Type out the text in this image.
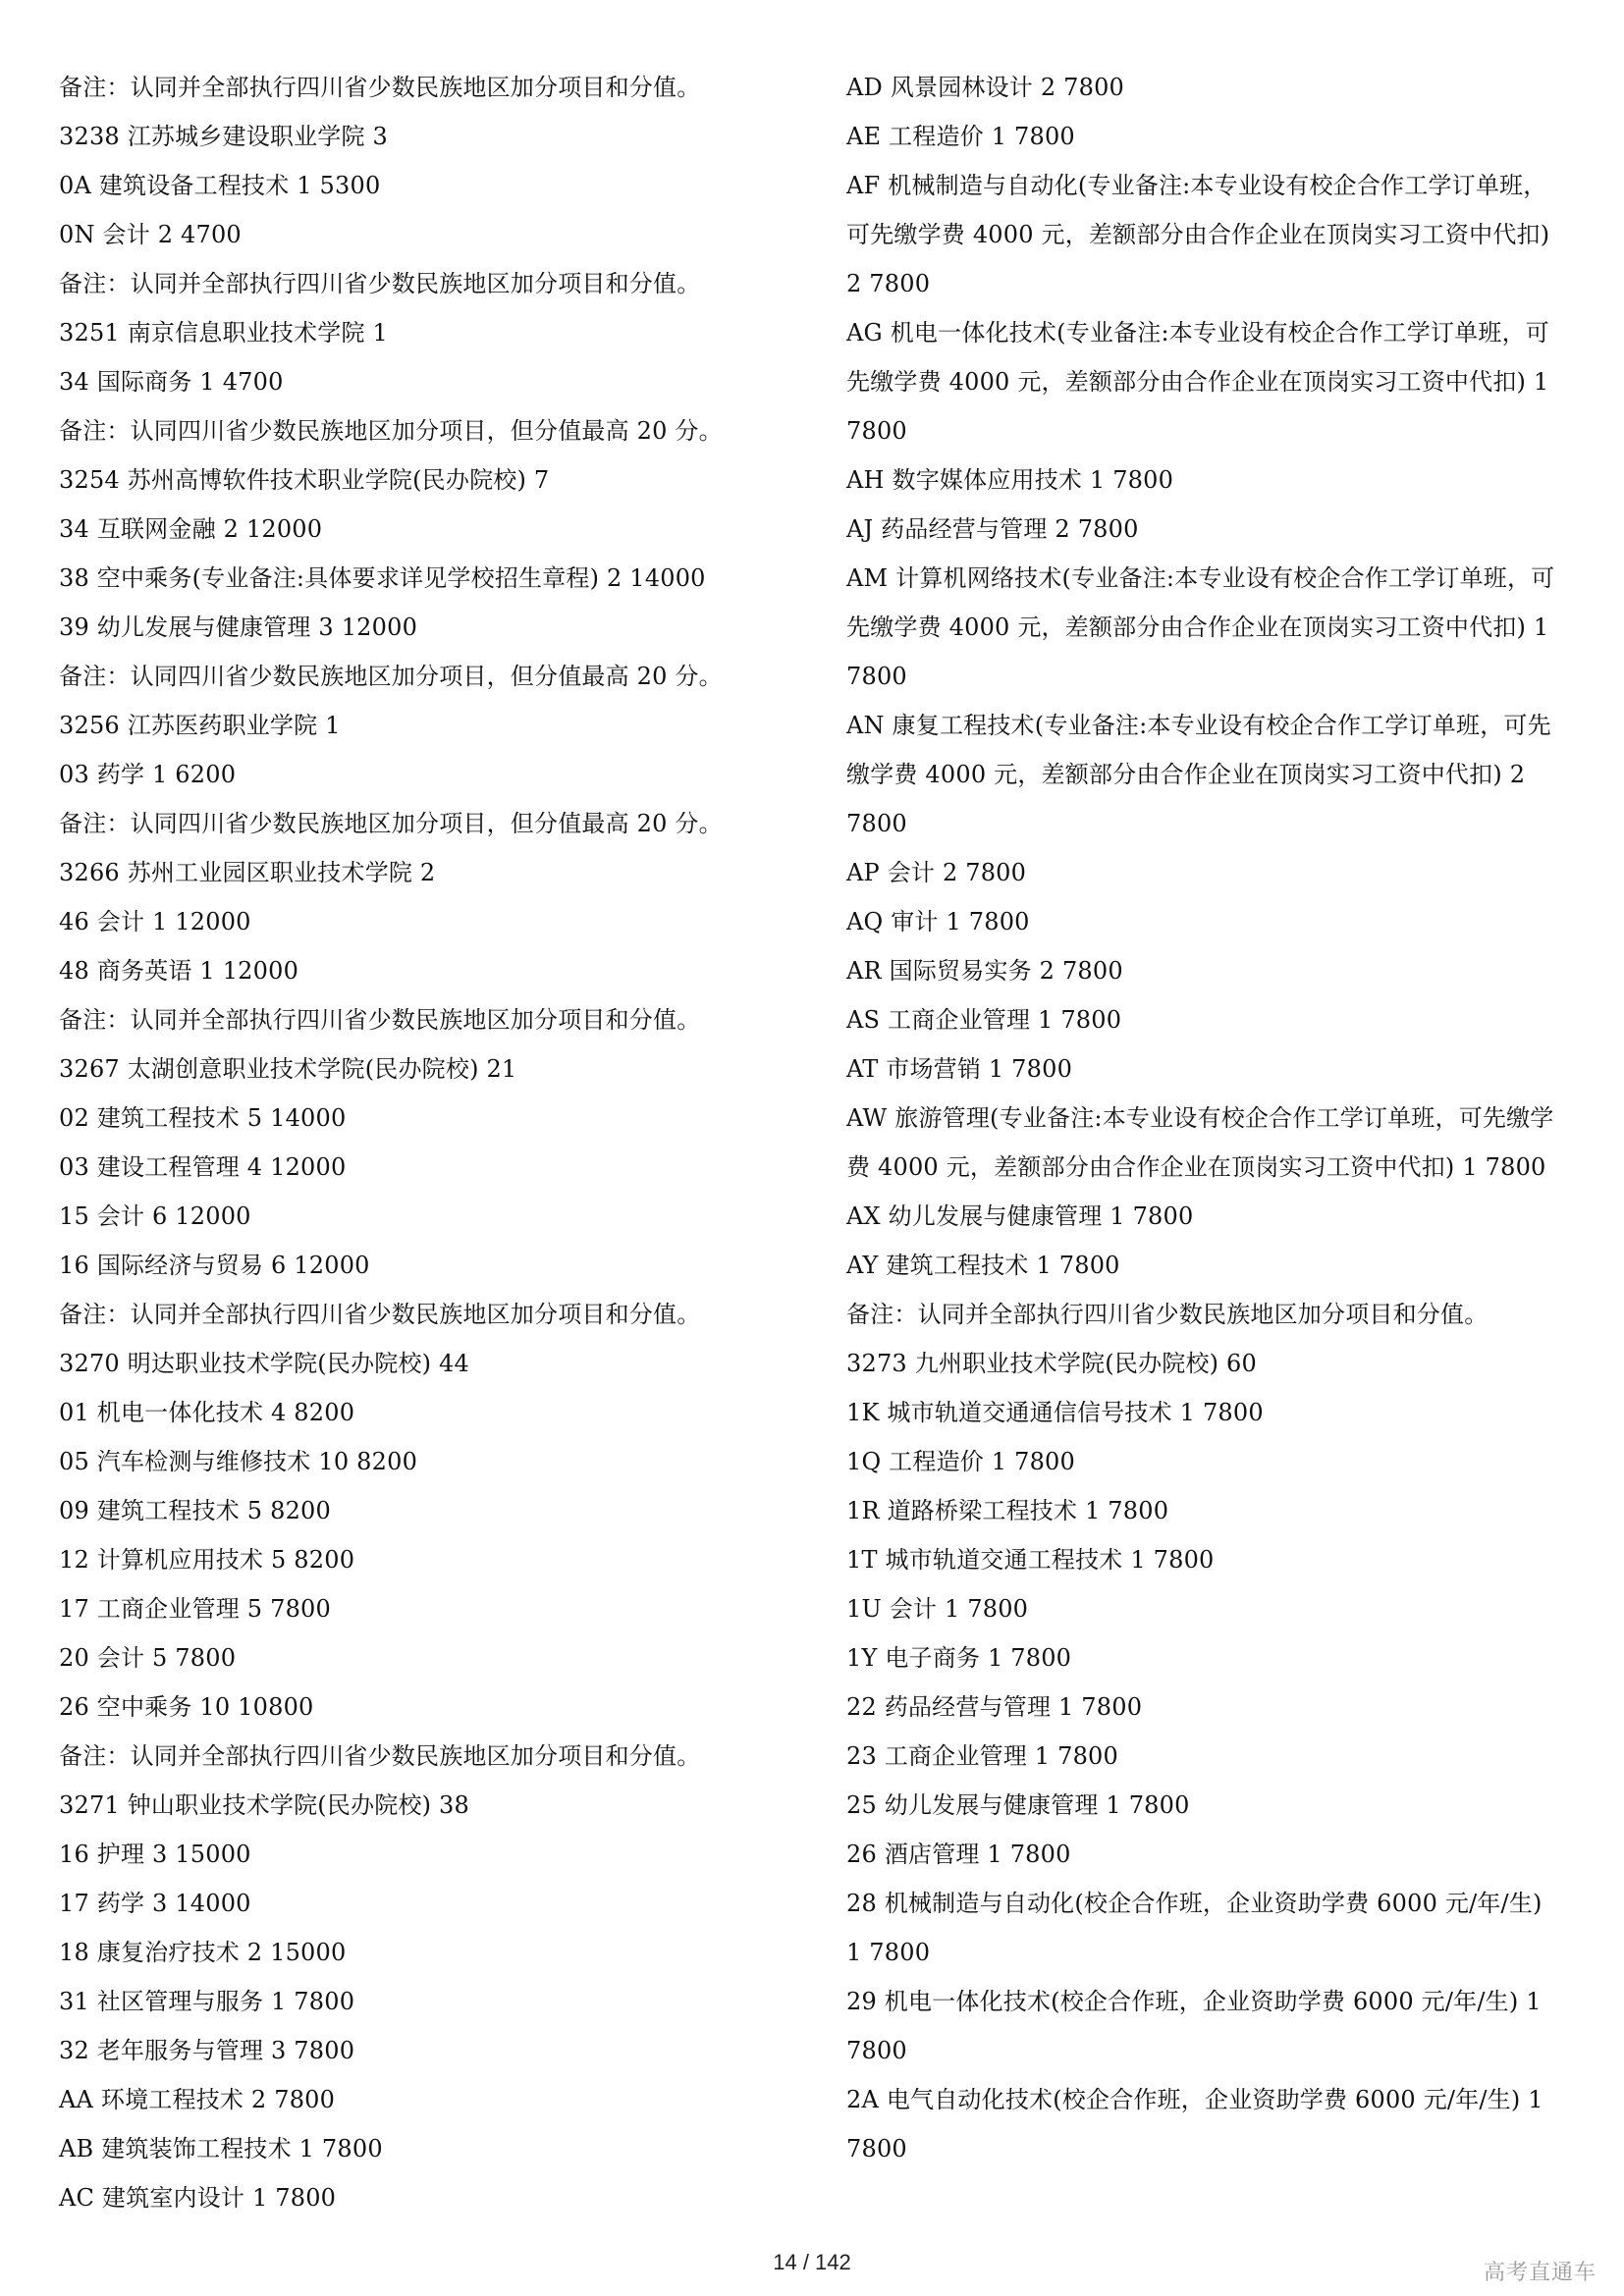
备注：认同并全部执行四川省少数民族地区加分项目和分值。
3238 江苏城乡建设职业学院 3
0A 建筑设备工程技术 1 5300
0N 会计 2 4700
备注：认同并全部执行四川省少数民族地区加分项目和分值。
3251 南京信息职业技术学院 1
34 国际商务 1 4700
备注：认同四川省少数民族地区加分项目，但分值最高 20 分。
3254 苏州高博软件技术职业学院(民办院校) 7
34 互联网金融 2 12000
38 空中乘务(专业备注:具体要求详见学校招生章程) 2 14000
39 幼儿发展与健康管理 3 12000
备注：认同四川省少数民族地区加分项目，但分值最高 20 分。
3256 江苏医药职业学院 1
03 药学 1 6200
备注：认同四川省少数民族地区加分项目，但分值最高 20 分。
3266 苏州工业园区职业技术学院 2
46 会计 1 12000
48 商务英语 1 12000
备注：认同并全部执行四川省少数民族地区加分项目和分值。
3267 太湖创意职业技术学院(民办院校) 21
02 建筑工程技术 5 14000
03 建设工程管理 4 12000
15 会计 6 12000
16 国际经济与贸易 6 12000
备注：认同并全部执行四川省少数民族地区加分项目和分值。
3270 明达职业技术学院(民办院校) 44
01 机电一体化技术 4 8200
05 汽车检测与维修技术 10 8200
09 建筑工程技术 5 8200
12 计算机应用技术 5 8200
17 工商企业管理 5 7800
20 会计 5 7800
26 空中乘务 10 10800
备注：认同并全部执行四川省少数民族地区加分项目和分值。
3271 钟山职业技术学院(民办院校) 38
16 护理 3 15000
17 药学 3 14000
18 康复治疗技术 2 15000
31 社区管理与服务 1 7800
32 老年服务与管理 3 7800
AA 环境工程技术 2 7800
AB 建筑装饰工程技术 1 7800
AC 建筑室内设计 1 7800
AD 风景园林设计 2 7800
AE 工程造价 1 7800
AF 机械制造与自动化(专业备注:本专业设有校企合作工学订单班，
可先缴学费 4000 元，差额部分由合作企业在顶岗实习工资中代扣)
2 7800
AG 机电一体化技术(专业备注:本专业设有校企合作工学订单班，可
先缴学费 4000 元，差额部分由合作企业在顶岗实习工资中代扣) 1
7800
AH 数字媒体应用技术 1 7800
AJ 药品经营与管理 2 7800
AM 计算机网络技术(专业备注:本专业设有校企合作工学订单班，可
先缴学费 4000 元，差额部分由合作企业在顶岗实习工资中代扣) 1
7800
AN 康复工程技术(专业备注:本专业设有校企合作工学订单班，可先
缴学费 4000 元，差额部分由合作企业在顶岗实习工资中代扣) 2
7800
AP 会计 2 7800
AQ 审计 1 7800
AR 国际贸易实务 2 7800
AS 工商企业管理 1 7800
AT 市场营销 1 7800
AW 旅游管理(专业备注:本专业设有校企合作工学订单班，可先缴学
费 4000 元，差额部分由合作企业在顶岗实习工资中代扣) 1 7800
AX 幼儿发展与健康管理 1 7800
AY 建筑工程技术 1 7800
备注：认同并全部执行四川省少数民族地区加分项目和分值。
3273 九州职业技术学院(民办院校) 60
1K 城市轨道交通通信信号技术 1 7800
1Q 工程造价 1 7800
1R 道路桥梁工程技术 1 7800
1T 城市轨道交通工程技术 1 7800
1U 会计 1 7800
1Y 电子商务 1 7800
22 药品经营与管理 1 7800
23 工商企业管理 1 7800
25 幼儿发展与健康管理 1 7800
26 酒店管理 1 7800
28 机械制造与自动化(校企合作班，企业资助学费 6000 元/年/生)
1 7800
29 机电一体化技术(校企合作班，企业资助学费 6000 元/年/生) 1
7800
2A 电气自动化技术(校企合作班，企业资助学费 6000 元/年/生) 1
7800
14 / 142	高考直通车
